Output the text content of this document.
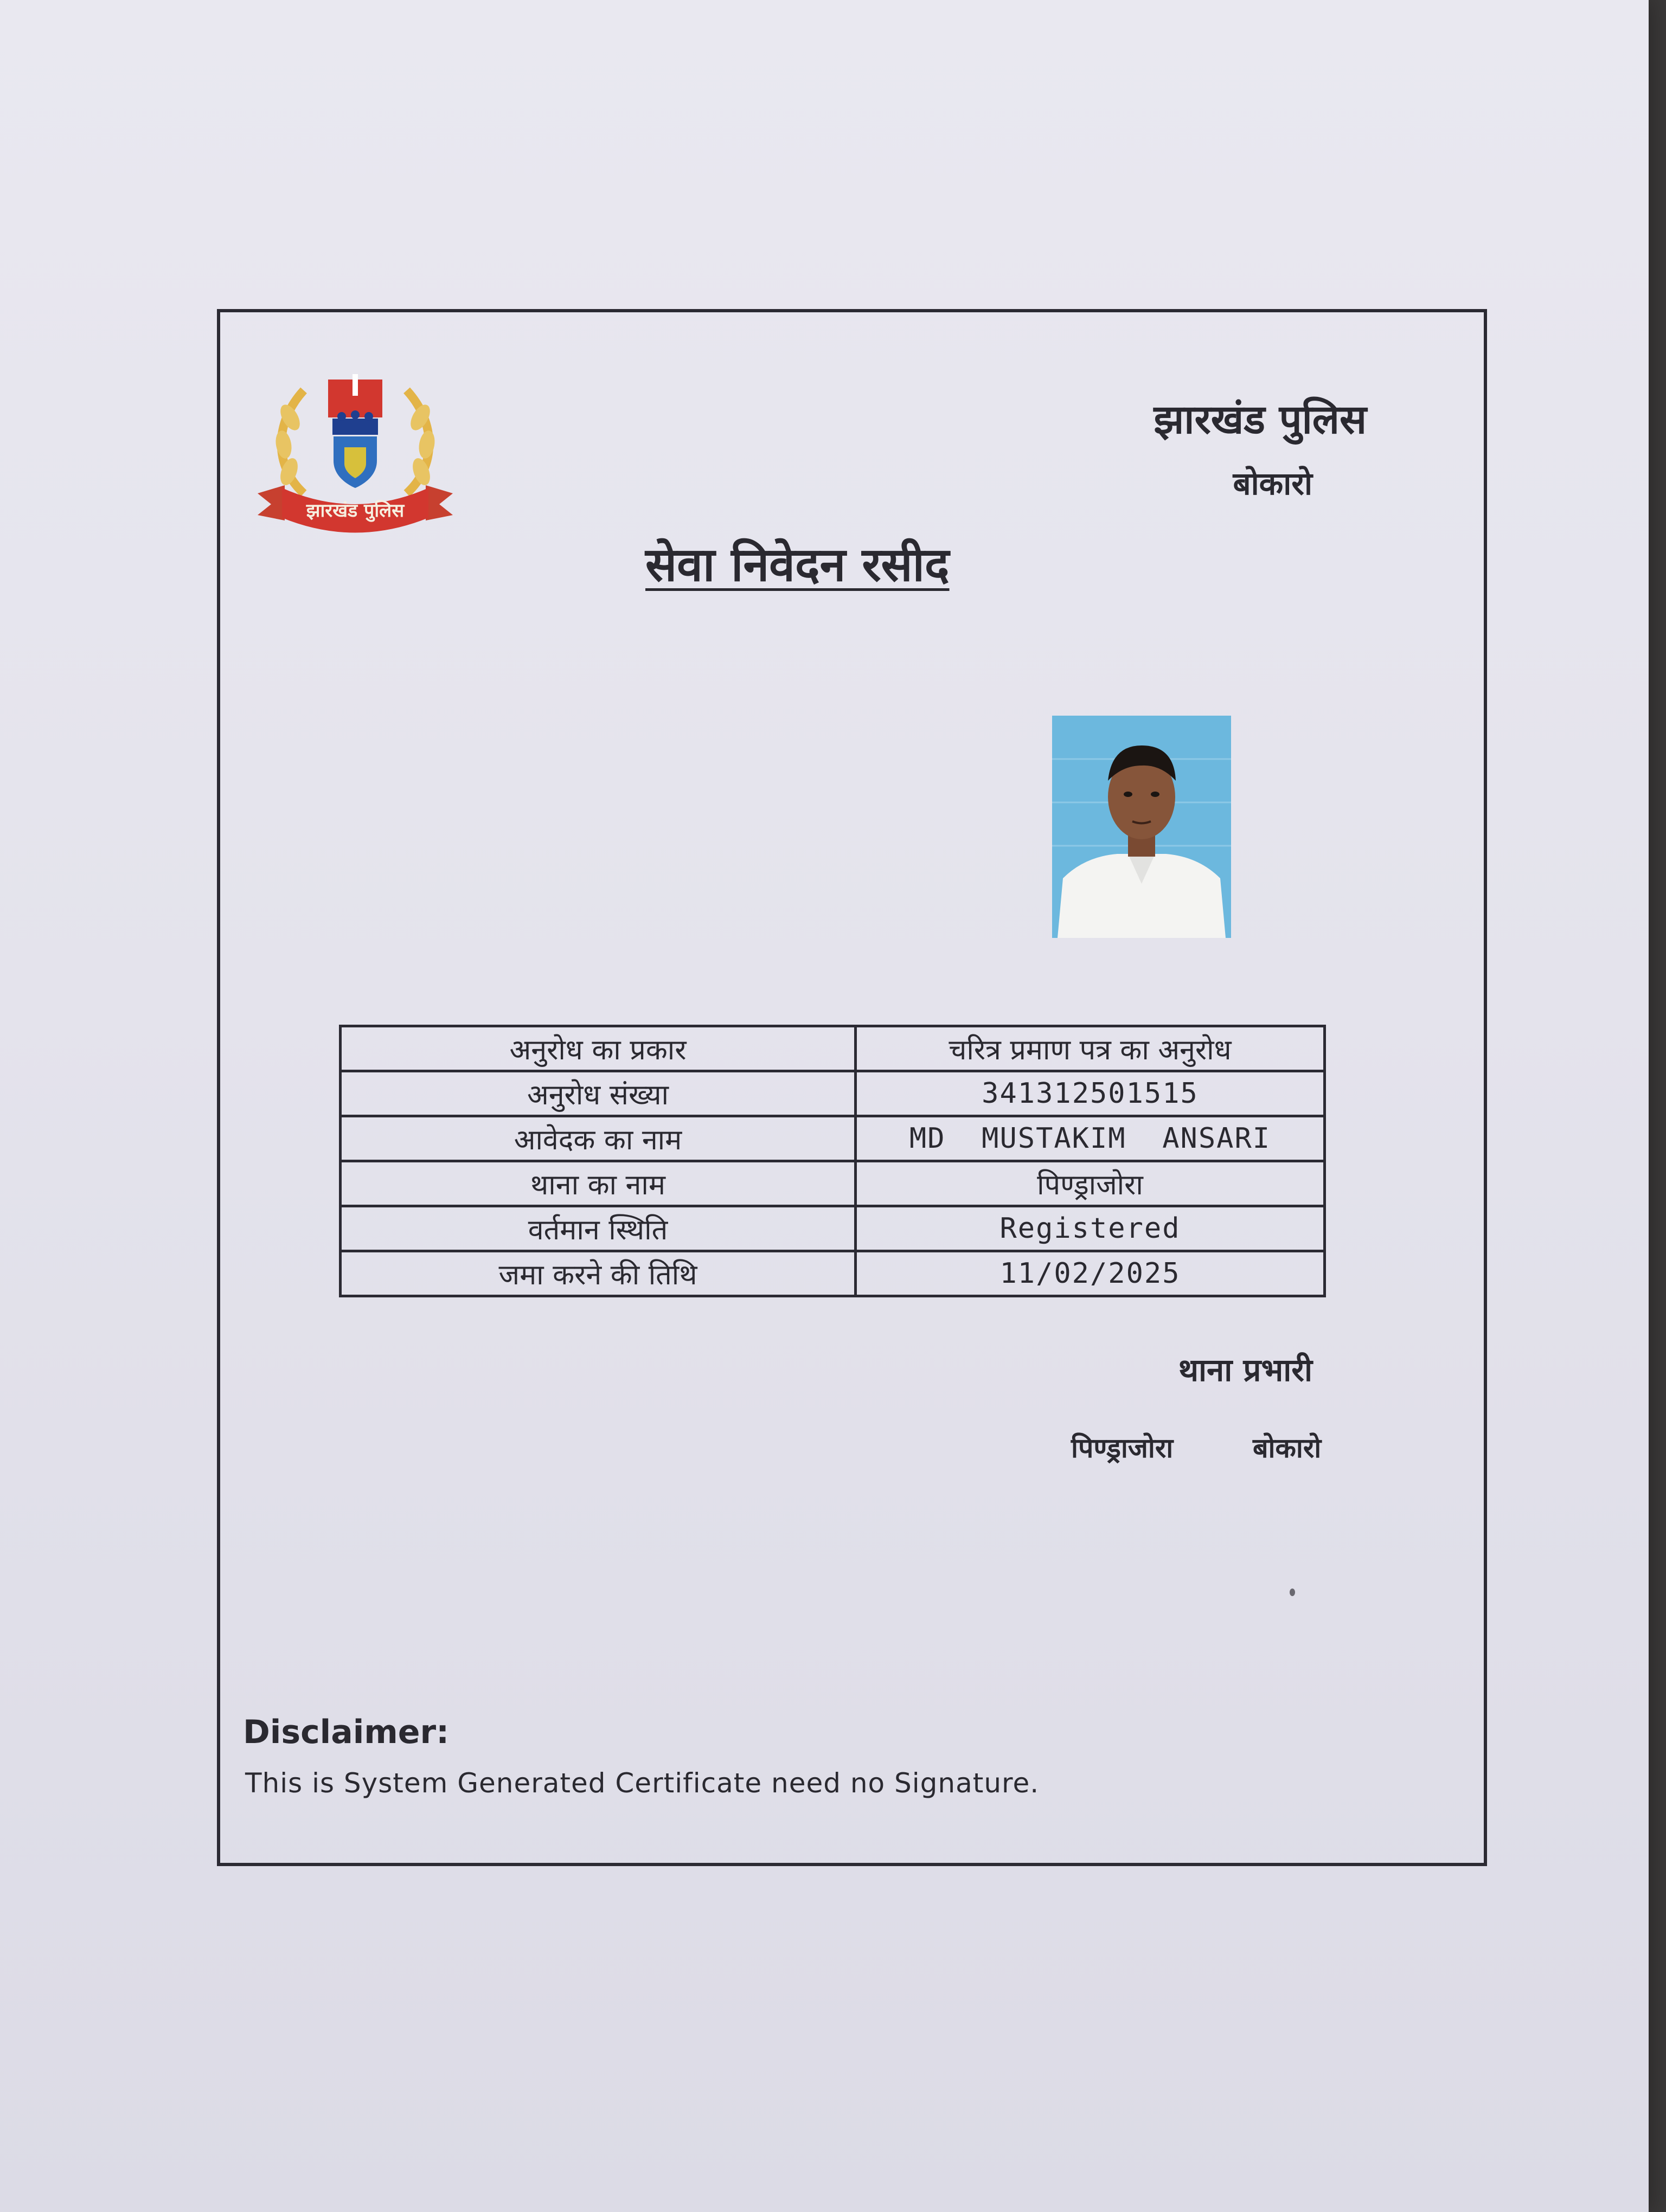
झारखंड पुलिस

झारखंड पुलिस

बोकारो

सेवा निवेदन रसीद
अनुरोध का प्रकार	चरित्र प्रमाण पत्र का अनुरोध
अनुरोध संख्या	341312501515
आवेदक का नाम	MD  MUSTAKIM  ANSARI
थाना का नाम	पिण्ड्राजोरा
वर्तमान स्थिति	Registered
जमा करने की तिथि	11/02/2025

थाना प्रभारी

पिण्ड्राजोरा	बोकारो

Disclaimer:

This is System Generated Certificate need no Signature.
